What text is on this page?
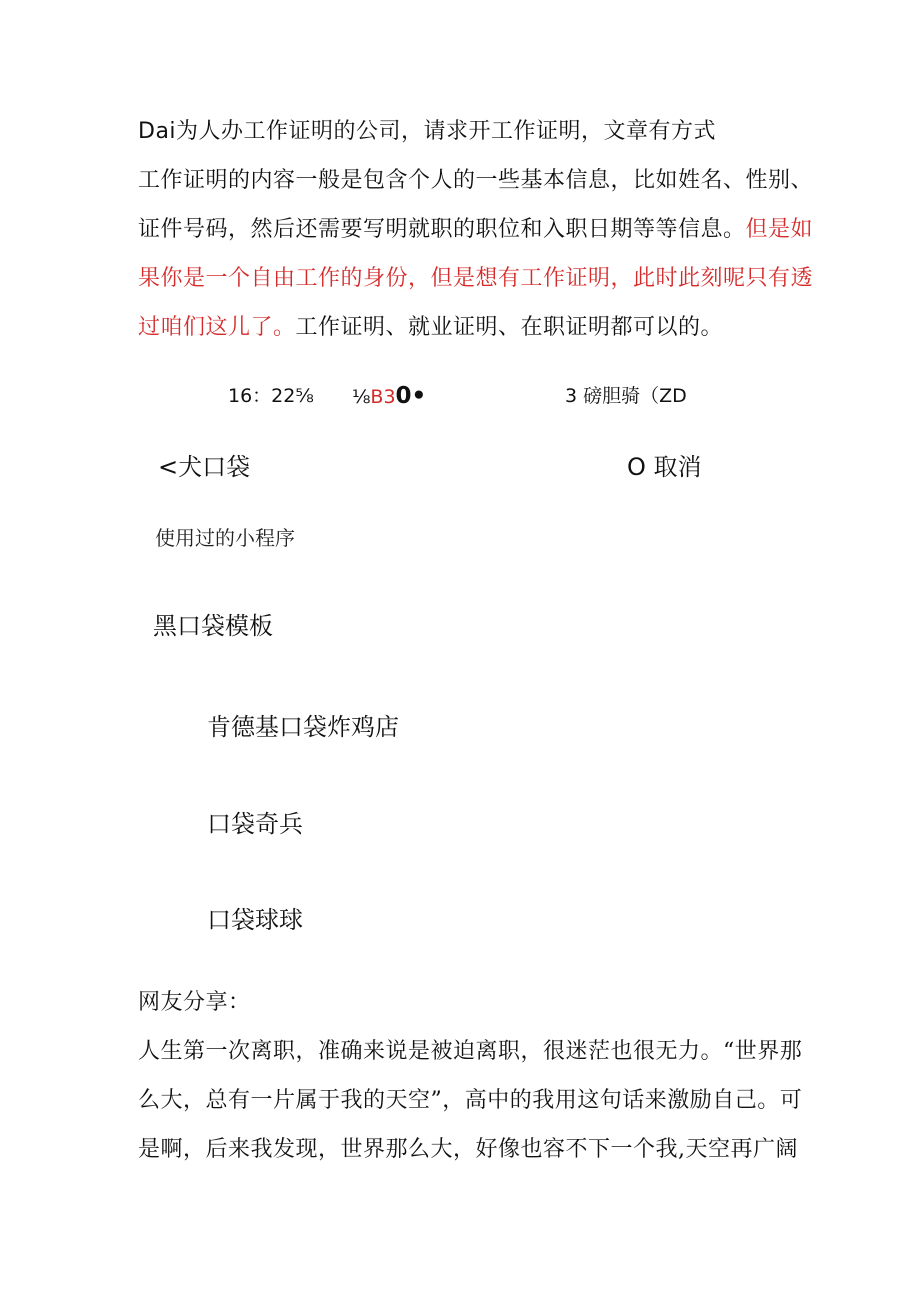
Dai为人办工作证明的公司，请求开工作证明，文章有方式
工作证明的内容一般是包含个人的一些基本信息，比如姓名、性别、
证件号码，然后还需要写明就职的职位和入职日期等等信息。但是如
果你是一个自由工作的身份，但是想有工作证明，此时此刻呢只有透
过咱们这儿了。工作证明、就业证明、在职证明都可以的。
16：22⅝ ⅛B30•	3 磅胆骑（ZD
<犬口袋	O 取消
使用过的小程序
黑口袋模板
肯德基口袋炸鸡店
口袋奇兵
口袋球球
网友分享：
人生第一次离职，准确来说是被迫离职，很迷茫也很无力。“世界那
么大，总有一片属于我的天空”，高中的我用这句话来激励自己。可
是啊，后来我发现，世界那么大，好像也容不下一个我,天空再广阔
